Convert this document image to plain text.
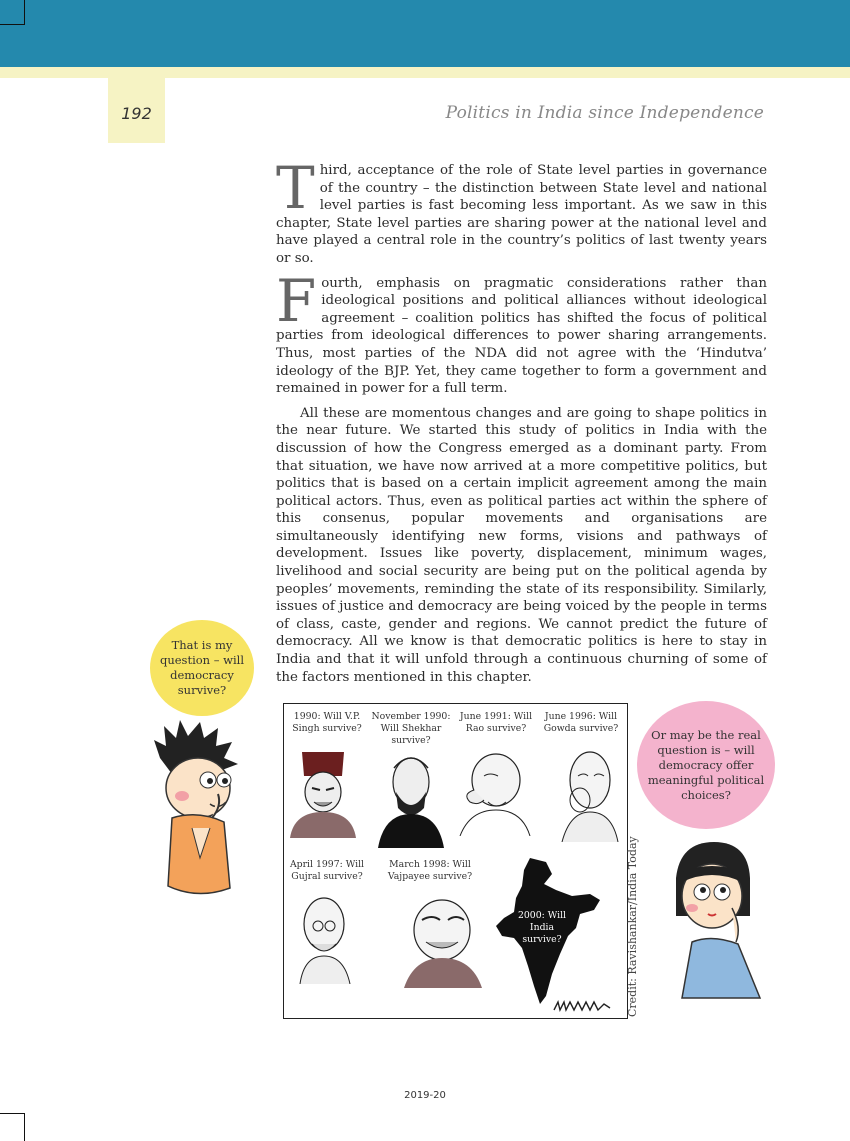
192	Politics in India since Independence

Third, acceptance of the role of State level parties in governance of the country – the distinction between State level and national level parties is fast becoming less important. As we saw in this chapter, State level parties are sharing power at the national level and have played a central role in the country’s politics of last twenty years or so.

Fourth, emphasis on pragmatic considerations rather than ideological positions and political alliances without ideological agreement – coalition politics has shifted the focus of political parties from ideological differences to power sharing arrangements. Thus, most parties of the NDA did not agree with the ‘Hindutva’ ideology of the BJP. Yet, they came together to form a government and remained in power for a full term.

All these are momentous changes and are going to shape politics in the near future. We started this study of politics in India with the discussion of how the Congress emerged as a dominant party. From that situation, we have now arrived at a more competitive politics, but politics that is based on a certain implicit agreement among the main political actors. Thus, even as political parties act within the sphere of this consenus, popular movements and organisations are simultaneously identifying new forms, visions and pathways of development. Issues like poverty, displacement, minimum wages, livelihood and social security are being put on the political agenda by peoples’ movements, reminding the state of its responsibility. Similarly, issues of justice and democracy are being voiced by the people in terms of class, caste, gender and regions. We cannot predict the future of democracy. All we know is that democratic politics is here to stay in India and that it will unfold through a continuous churning of some of the factors mentioned in this chapter.

That is my question – will democracy survive?
Or may be the real question is – will democracy offer meaningful political choices?
1990: Will V.P. Singh survive?
November 1990: Will Shekhar survive?
June 1991: Will Rao survive?
June 1996: Will Gowda survive?
April 1997: Will Gujral survive?
March 1998: Will Vajpayee survive?
2000: Will India survive?	Credit: Ravishankar/India Today
2019-20
